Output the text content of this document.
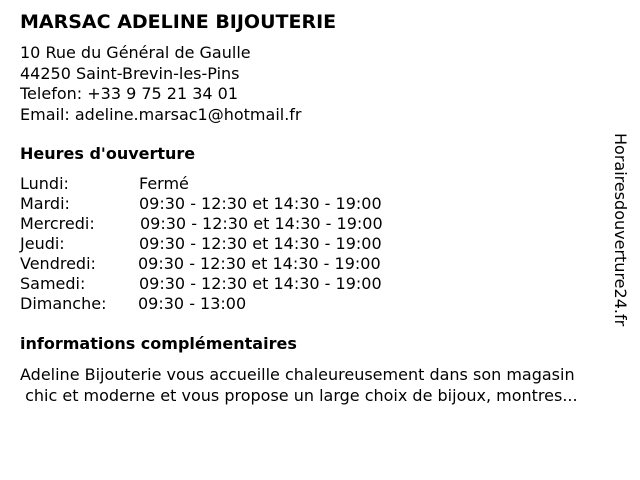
MARSAC ADELINE BIJOUTERIE
10 Rue du Général de Gaulle
44250 Saint-Brevin-les-Pins
Telefon: +33 9 75 21 34 01
Email: adeline.marsac1@hotmail.fr
Heures d'ouverture
Lundi:	Fermé
Mardi:	09:30 - 12:30 et 14:30 - 19:00
Mercredi:	09:30 - 12:30 et 14:30 - 19:00
Jeudi:	09:30 - 12:30 et 14:30 - 19:00
Vendredi:	09:30 - 12:30 et 14:30 - 19:00
Samedi:	09:30 - 12:30 et 14:30 - 19:00
Dimanche:	09:30 - 13:00
informations complémentaires
Adeline Bijouterie vous accueille chaleureusement dans son magasin
chic et moderne et vous propose un large choix de bijoux, montres...
Horairesdouverture24.fr
